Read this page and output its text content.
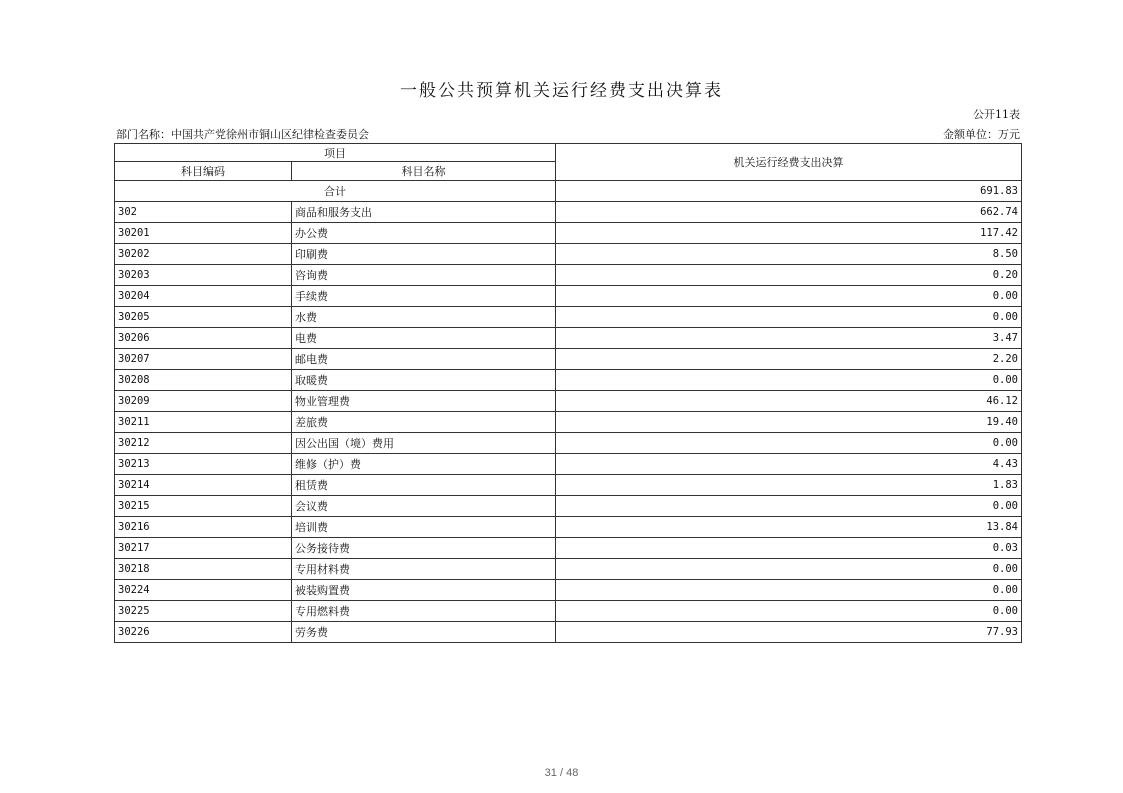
一般公共预算机关运行经费支出决算表
公开11表
部门名称：中国共产党徐州市铜山区纪律检查委员会	金额单位：万元
项目		机关运行经费支出决算
科目编码	科目名称	
合计		691.83
302	商品和服务支出	662.74
30201	办公费	117.42
30202	印刷费	8.50
30203	咨询费	0.20
30204	手续费	0.00
30205	水费	0.00
30206	电费	3.47
30207	邮电费	2.20
30208	取暖费	0.00
30209	物业管理费	46.12
30211	差旅费	19.40
30212	因公出国（境）费用	0.00
30213	维修（护）费	4.43
30214	租赁费	1.83
30215	会议费	0.00
30216	培训费	13.84
30217	公务接待费	0.03
30218	专用材料费	0.00
30224	被装购置费	0.00
30225	专用燃料费	0.00
30226	劳务费	77.93
31 / 48
